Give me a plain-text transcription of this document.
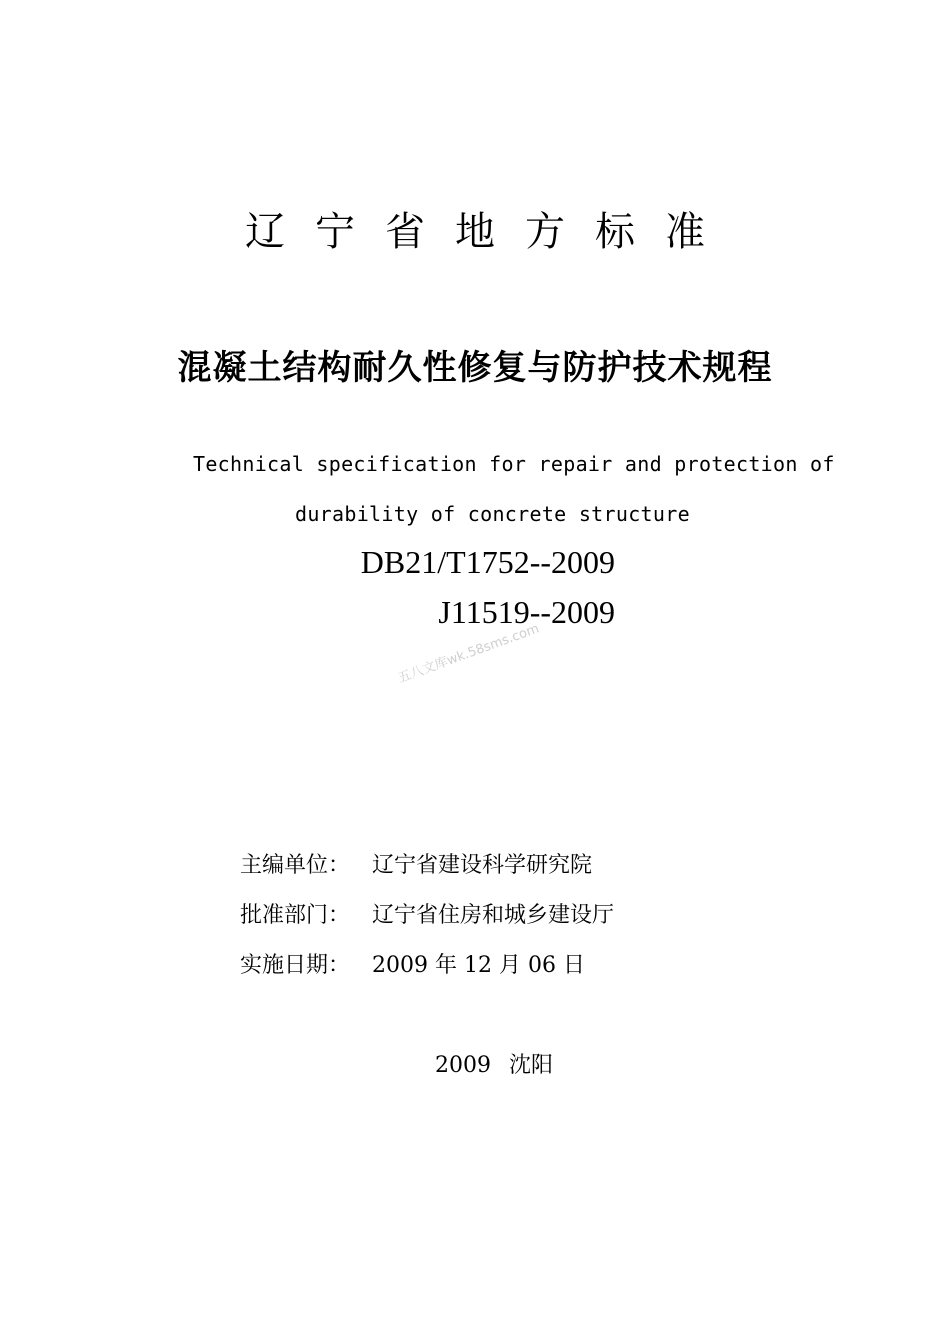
辽宁省地方标准
混凝土结构耐久性修复与防护技术规程
Technical specification for repair and protection of
durability of concrete structure
DB21/T1752--2009
J11519--2009
五八文库wk.58sms.com
主编单位： 辽宁省建设科学研究院
批准部门： 辽宁省住房和城乡建设厅
实施日期： 2009 年 12 月 06 日
2009 沈阳
